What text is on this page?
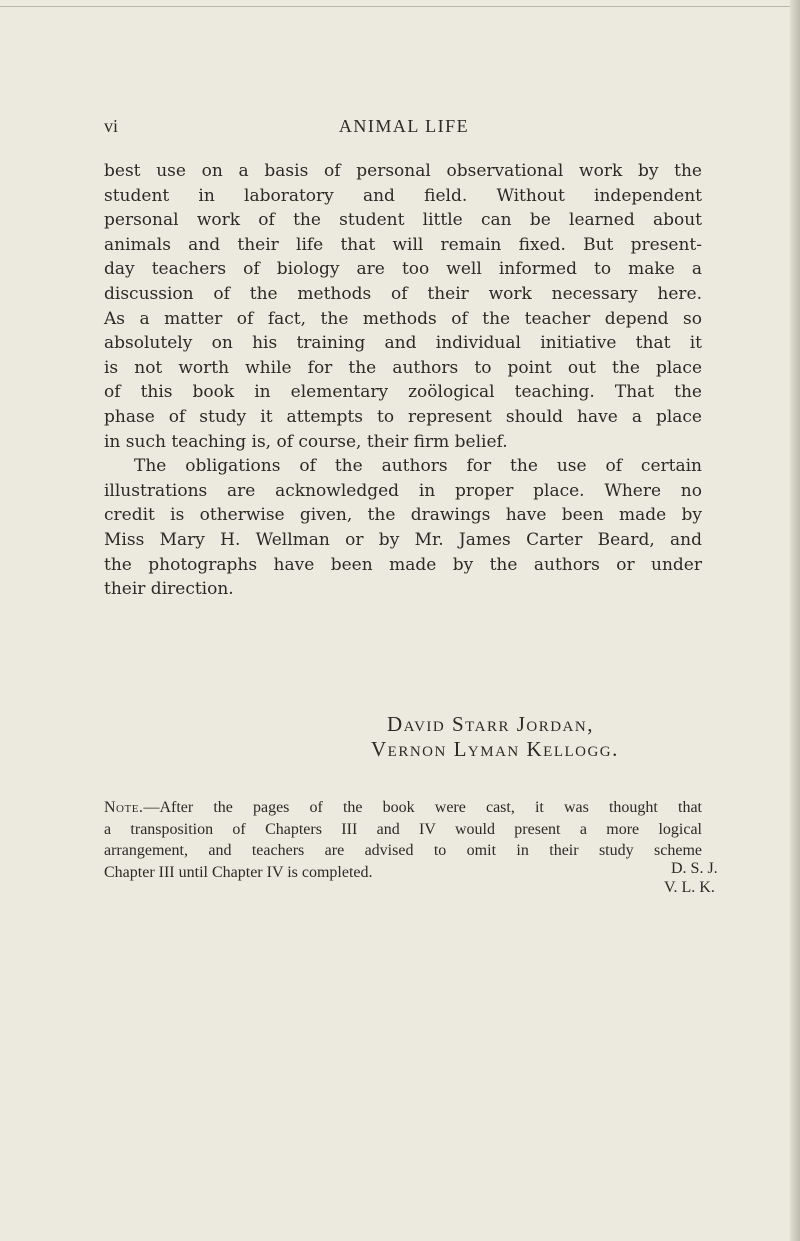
vi	ANIMAL LIFE
best use on a basis of personal observational work by the
student in laboratory and field. Without independent
personal work of the student little can be learned about
animals and their life that will remain fixed. But present-
day teachers of biology are too well informed to make a
discussion of the methods of their work necessary here.
As a matter of fact, the methods of the teacher depend so
absolutely on his training and individual initiative that it
is not worth while for the authors to point out the place
of this book in elementary zoölogical teaching. That the
phase of study it attempts to represent should have a place
in such teaching is, of course, their firm belief.
The obligations of the authors for the use of certain
illustrations are acknowledged in proper place. Where no
credit is otherwise given, the drawings have been made by
Miss Mary H. Wellman or by Mr. James Carter Beard, and
the photographs have been made by the authors or under
their direction.
David Starr Jordan,
Vernon Lyman Kellogg.
Note.—After the pages of the book were cast, it was thought that
a transposition of Chapters III and IV would present a more logical
arrangement, and teachers are advised to omit in their study scheme
Chapter III until Chapter IV is completed.	D. S. J.
V. L. K.
